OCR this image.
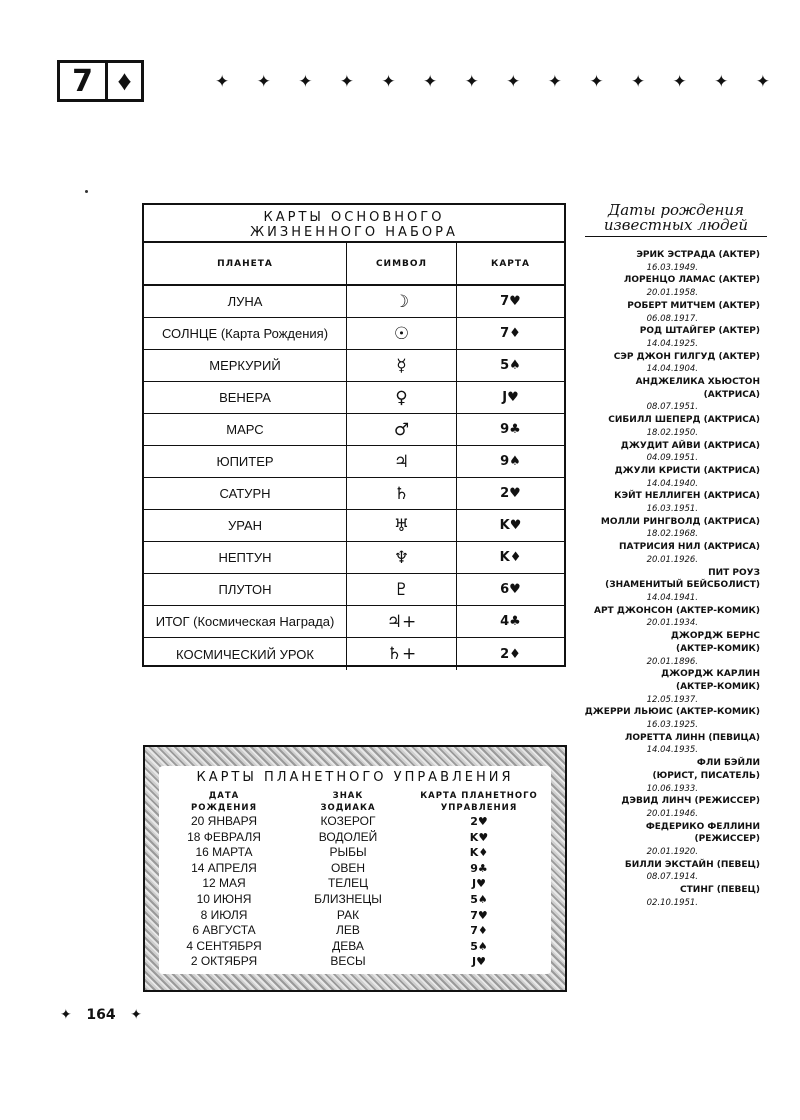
7 ♦	✦ ✦ ✦ ✦ ✦ ✦ ✦ ✦ ✦ ✦ ✦ ✦ ✦ ✦
КАРТЫ ОСНОВНОГО
ЖИЗНЕННОГО НАБОРА
ПЛАНЕТА	СИМВОЛ	КАРТА
ЛУНА	☽	7♥
СОЛНЦЕ (Карта Рождения)	☉	7♦
МЕРКУРИЙ	☿	5♠
ВЕНЕРА	♀	J♥
МАРС	♂	9♣
ЮПИТЕР	♃	9♠
САТУРН	♄	2♥
УРАН	♅	K♥
НЕПТУН	♆	K♦
ПЛУТОН	♇	6♥
ИТОГ (Космическая Награда)	♃+	4♣
КОСМИЧЕСКИЙ УРОК	♄+	2♦
Даты рождения
известных людей
ЭРИК ЭСТРАДА (АКТЕР)
16.03.1949.
ЛОРЕНЦО ЛАМАС (АКТЕР)
20.01.1958.
РОБЕРТ МИТЧЕМ (АКТЕР)
06.08.1917.
РОД ШТАЙГЕР (АКТЕР)
14.04.1925.
СЭР ДЖОН ГИЛГУД (АКТЕР)
14.04.1904.
АНДЖЕЛИКА ХЬЮСТОН
(АКТРИСА)
08.07.1951.
СИБИЛЛ ШЕПЕРД (АКТРИСА)
18.02.1950.
ДЖУДИТ АЙВИ (АКТРИСА)
04.09.1951.
ДЖУЛИ КРИСТИ (АКТРИСА)
14.04.1940.
КЭЙТ НЕЛЛИГЕН (АКТРИСА)
16.03.1951.
МОЛЛИ РИНГВОЛД (АКТРИСА)
18.02.1968.
ПАТРИСИЯ НИЛ (АКТРИСА)
20.01.1926.
ПИТ РОУЗ
(ЗНАМЕНИТЫЙ БЕЙСБОЛИСТ)
14.04.1941.
АРТ ДЖОНСОН (АКТЕР-КОМИК)
20.01.1934.
ДЖОРДЖ БЕРНС
(АКТЕР-КОМИК)
20.01.1896.
ДЖОРДЖ КАРЛИН
(АКТЕР-КОМИК)
12.05.1937.
ДЖЕРРИ ЛЬЮИС (АКТЕР-КОМИК)
16.03.1925.
ЛОРЕТТА ЛИНН (ПЕВИЦА)
14.04.1935.
ФЛИ БЭЙЛИ
(ЮРИСТ, ПИСАТЕЛЬ)
10.06.1933.
ДЭВИД ЛИНЧ (РЕЖИССЕР)
20.01.1946.
ФЕДЕРИКО ФЕЛЛИНИ
(РЕЖИССЕР)
20.01.1920.
БИЛЛИ ЭКСТАЙН (ПЕВЕЦ)
08.07.1914.
СТИНГ (ПЕВЕЦ)
02.10.1951.
КАРТЫ ПЛАНЕТНОГО УПРАВЛЕНИЯ
ДАТА
РОЖДЕНИЯ
ЗНАК
ЗОДИАКА
КАРТА ПЛАНЕТНОГО
УПРАВЛЕНИЯ
20 ЯНВАРЯ	КОЗЕРОГ	2♥
18 ФЕВРАЛЯ	ВОДОЛЕЙ	K♥
16 МАРТА	РЫБЫ	K♦
14 АПРЕЛЯ	ОВЕН	9♣
12 МАЯ	ТЕЛЕЦ	J♥
10 ИЮНЯ	БЛИЗНЕЦЫ	5♠
8 ИЮЛЯ	РАК	7♥
6 АВГУСТА	ЛЕВ	7♦
4 СЕНТЯБРЯ	ДЕВА	5♠
2 ОКТЯБРЯ	ВЕСЫ	J♥
✦ 164 ✦
